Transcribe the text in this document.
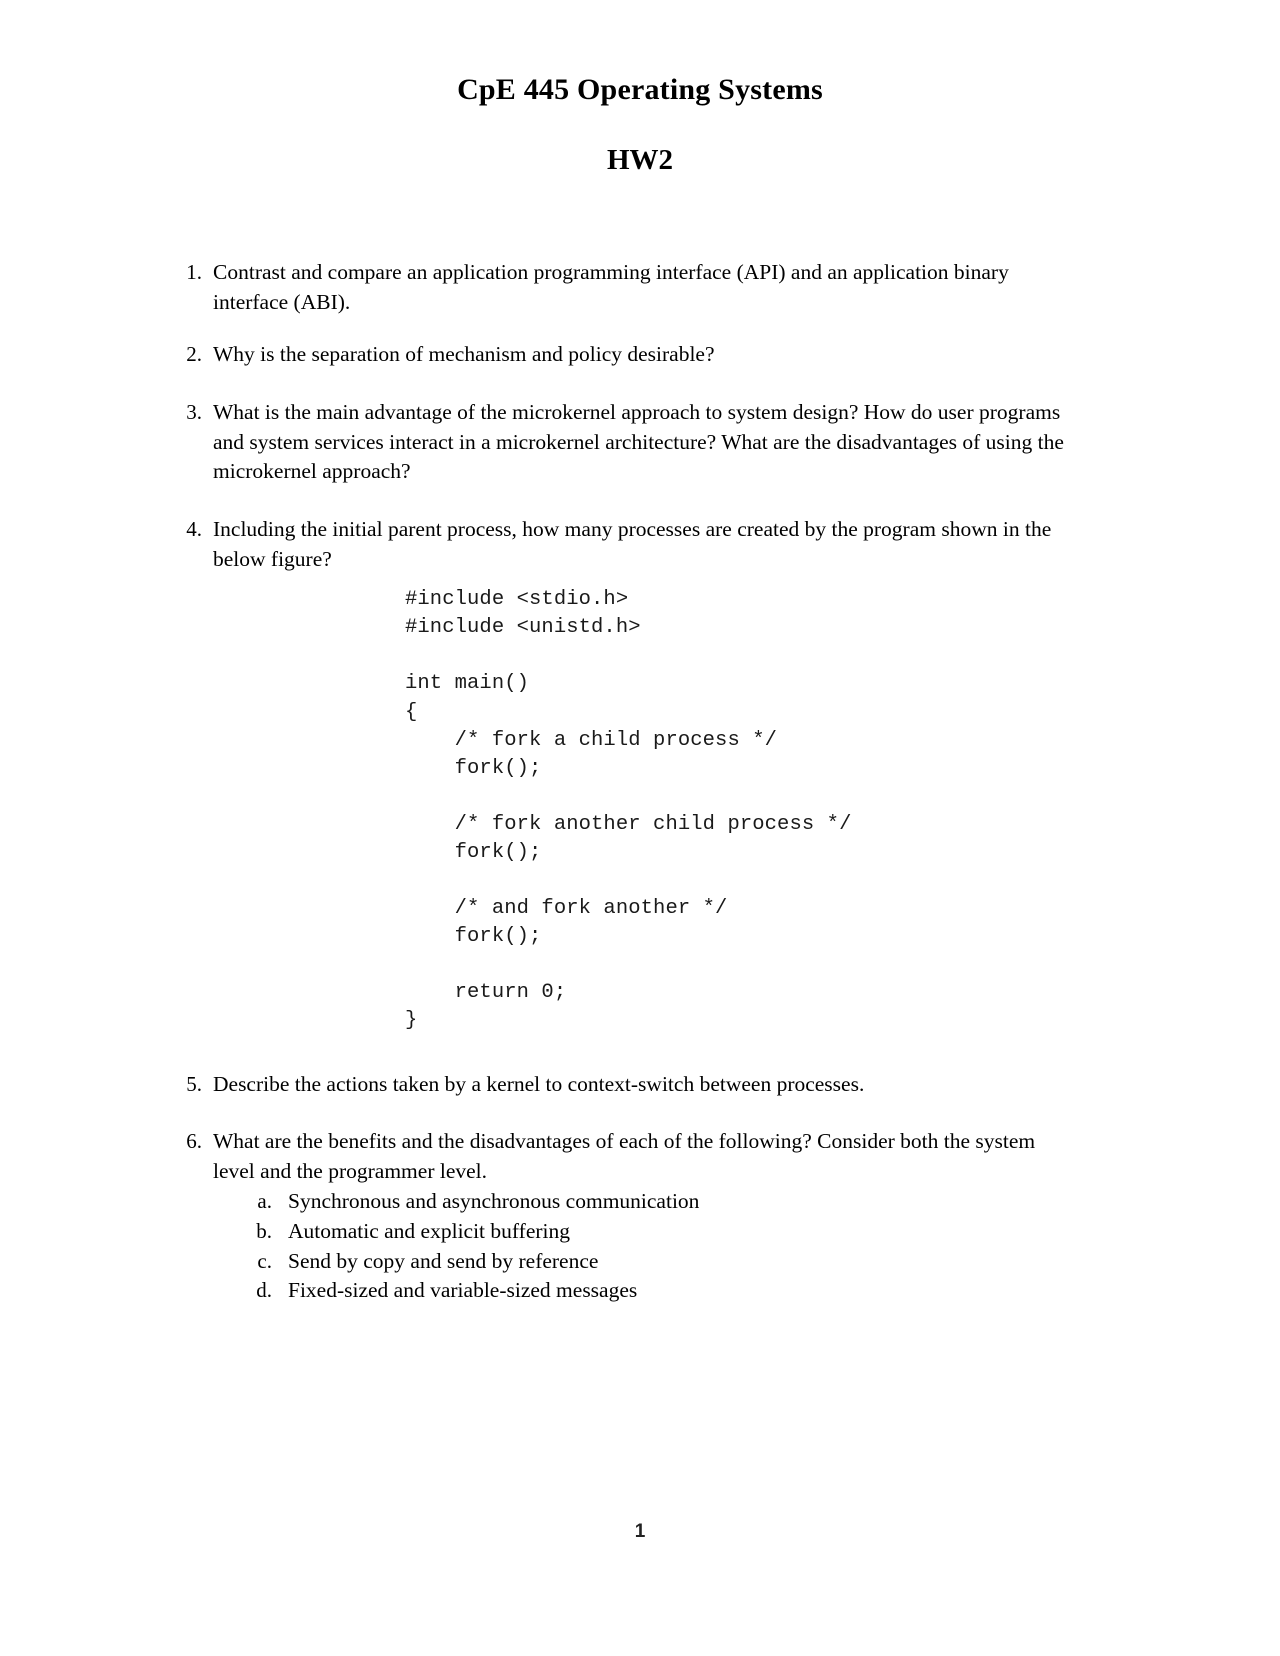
CpE 445 Operating Systems
HW2
1. Contrast and compare an application programming interface (API) and an application binary interface (ABI).
2. Why is the separation of mechanism and policy desirable?
3. What is the main advantage of the microkernel approach to system design? How do user programs and system services interact in a microkernel architecture? What are the disadvantages of using the microkernel approach?
4. Including the initial parent process, how many processes are created by the program shown in the below figure?
#include <stdio.h>
#include <unistd.h>

int main()
{
/* fork a child process */
fork();

/* fork another child process */
fork();

/* and fork another */
fork();

return 0;
}
5. Describe the actions taken by a kernel to context-switch between processes.
6. What are the benefits and the disadvantages of each of the following? Consider both the system level and the programmer level.
a. Synchronous and asynchronous communication
b. Automatic and explicit buffering
c. Send by copy and send by reference
d. Fixed-sized and variable-sized messages
1
